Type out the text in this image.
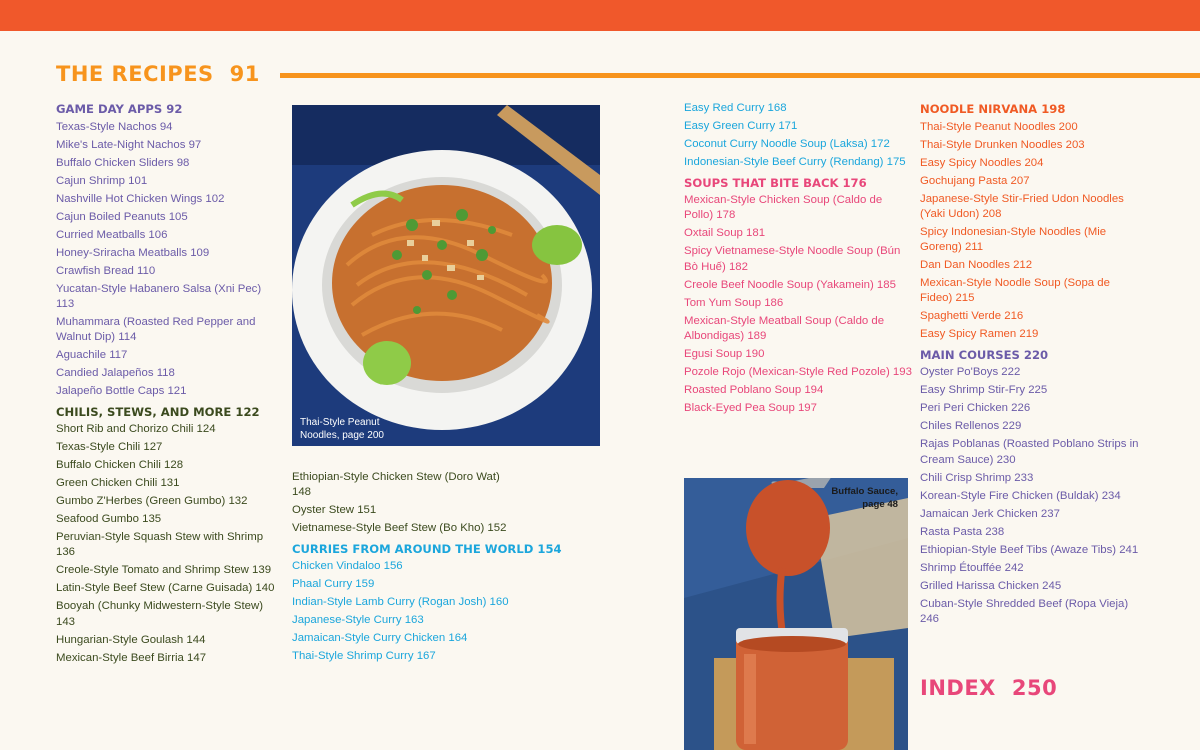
THE RECIPES 91
GAME DAY APPS 92
Texas-Style Nachos 94
Mike's Late-Night Nachos 97
Buffalo Chicken Sliders 98
Cajun Shrimp 101
Nashville Hot Chicken Wings 102
Cajun Boiled Peanuts 105
Curried Meatballs 106
Honey-Sriracha Meatballs 109
Crawfish Bread 110
Yucatan-Style Habanero Salsa (Xni Pec) 113
Muhammara (Roasted Red Pepper and Walnut Dip) 114
Aguachile 117
Candied Jalapeños 118
Jalapeño Bottle Caps 121
CHILIS, STEWS, AND MORE 122
Short Rib and Chorizo Chili 124
Texas-Style Chili 127
Buffalo Chicken Chili 128
Green Chicken Chili 131
Gumbo Z'Herbes (Green Gumbo) 132
Seafood Gumbo 135
Peruvian-Style Squash Stew with Shrimp 136
Creole-Style Tomato and Shrimp Stew 139
Latin-Style Beef Stew (Carne Guisada) 140
Booyah (Chunky Midwestern-Style Stew) 143
Hungarian-Style Goulash 144
Mexican-Style Beef Birria 147
Thai-Style Peanut Noodles, page 200
Ethiopian-Style Chicken Stew (Doro Wat) 148
Oyster Stew 151
Vietnamese-Style Beef Stew (Bo Kho) 152
CURRIES FROM AROUND THE WORLD 154
Chicken Vindaloo 156
Phaal Curry 159
Indian-Style Lamb Curry (Rogan Josh) 160
Japanese-Style Curry 163
Jamaican-Style Curry Chicken 164
Thai-Style Shrimp Curry 167
Easy Red Curry 168
Easy Green Curry 171
Coconut Curry Noodle Soup (Laksa) 172
Indonesian-Style Beef Curry (Rendang) 175
SOUPS THAT BITE BACK 176
Mexican-Style Chicken Soup (Caldo de Pollo) 178
Oxtail Soup 181
Spicy Vietnamese-Style Noodle Soup (Bún Bò Huế) 182
Creole Beef Noodle Soup (Yakamein) 185
Tom Yum Soup 186
Mexican-Style Meatball Soup (Caldo de Albondigas) 189
Egusi Soup 190
Pozole Rojo (Mexican-Style Red Pozole) 193
Roasted Poblano Soup 194
Black-Eyed Pea Soup 197
Buffalo Sauce, page 48
NOODLE NIRVANA 198
Thai-Style Peanut Noodles 200
Thai-Style Drunken Noodles 203
Easy Spicy Noodles 204
Gochujang Pasta 207
Japanese-Style Stir-Fried Udon Noodles (Yaki Udon) 208
Spicy Indonesian-Style Noodles (Mie Goreng) 211
Dan Dan Noodles 212
Mexican-Style Noodle Soup (Sopa de Fideo) 215
Spaghetti Verde 216
Easy Spicy Ramen 219
MAIN COURSES 220
Oyster Po'Boys 222
Easy Shrimp Stir-Fry 225
Peri Peri Chicken 226
Chiles Rellenos 229
Rajas Poblanas (Roasted Poblano Strips in Cream Sauce) 230
Chili Crisp Shrimp 233
Korean-Style Fire Chicken (Buldak) 234
Jamaican Jerk Chicken 237
Rasta Pasta 238
Ethiopian-Style Beef Tibs (Awaze Tibs) 241
Shrimp Étouffée 242
Grilled Harissa Chicken 245
Cuban-Style Shredded Beef (Ropa Vieja) 246
INDEX 250
